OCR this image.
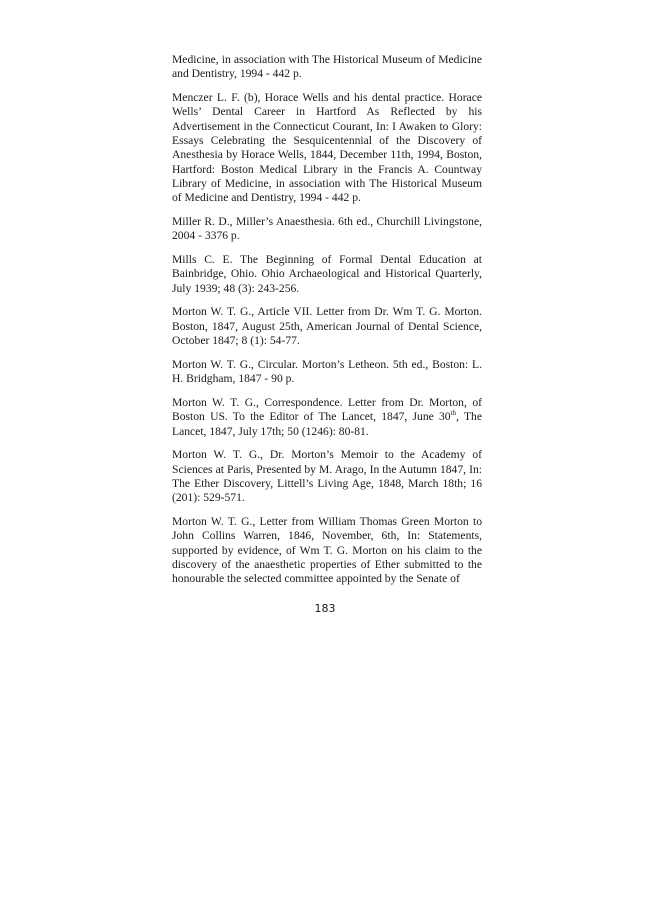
Medicine, in association with The Historical Museum of Medicine and Dentistry, 1994 - 442 p.

Menczer L. F. (b), Horace Wells and his dental practice. Horace Wells’ Dental Career in Hartford As Reflected by his Advertisement in the Connecticut Courant, In: I Awaken to Glory: Essays Celebrating the Sesquicentennial of the Discovery of Anesthesia by Horace Wells, 1844, December 11th, 1994, Boston, Hartford: Boston Medical Library in the Francis A. Countway Library of Medicine, in association with The Historical Museum of Medicine and Dentistry, 1994 - 442 p.

Miller R. D., Miller’s Anaesthesia. 6th ed., Churchill Livingstone, 2004 - 3376 p.

Mills C. E. The Beginning of Formal Dental Education at Bainbridge, Ohio. Ohio Archaeological and Historical Quarterly, July 1939; 48 (3): 243-256.

Morton W. T. G., Article VII. Letter from Dr. Wm T. G. Morton. Boston, 1847, August 25th, American Journal of Dental Science, October 1847; 8 (1): 54-77.

Morton W. T. G., Circular. Morton’s Letheon. 5th ed., Boston: L. H. Bridgham, 1847 - 90 p.

Morton W. T. G., Correspondence. Letter from Dr. Morton, of Boston US. To the Editor of The Lancet, 1847, June 30th, The Lancet, 1847, July 17th; 50 (1246): 80-81.

Morton W. T. G., Dr. Morton’s Memoir to the Academy of Sciences at Paris, Presented by M. Arago, In the Autumn 1847, In: The Ether Discovery, Littell’s Living Age, 1848, March 18th; 16 (201): 529-571.

Morton W. T. G., Letter from William Thomas Green Morton to John Collins Warren, 1846, November, 6th, In: Statements, supported by evidence, of Wm T. G. Morton on his claim to the discovery of the anaesthetic properties of Ether submitted to the honourable the selected committee appointed by the Senate of

183
